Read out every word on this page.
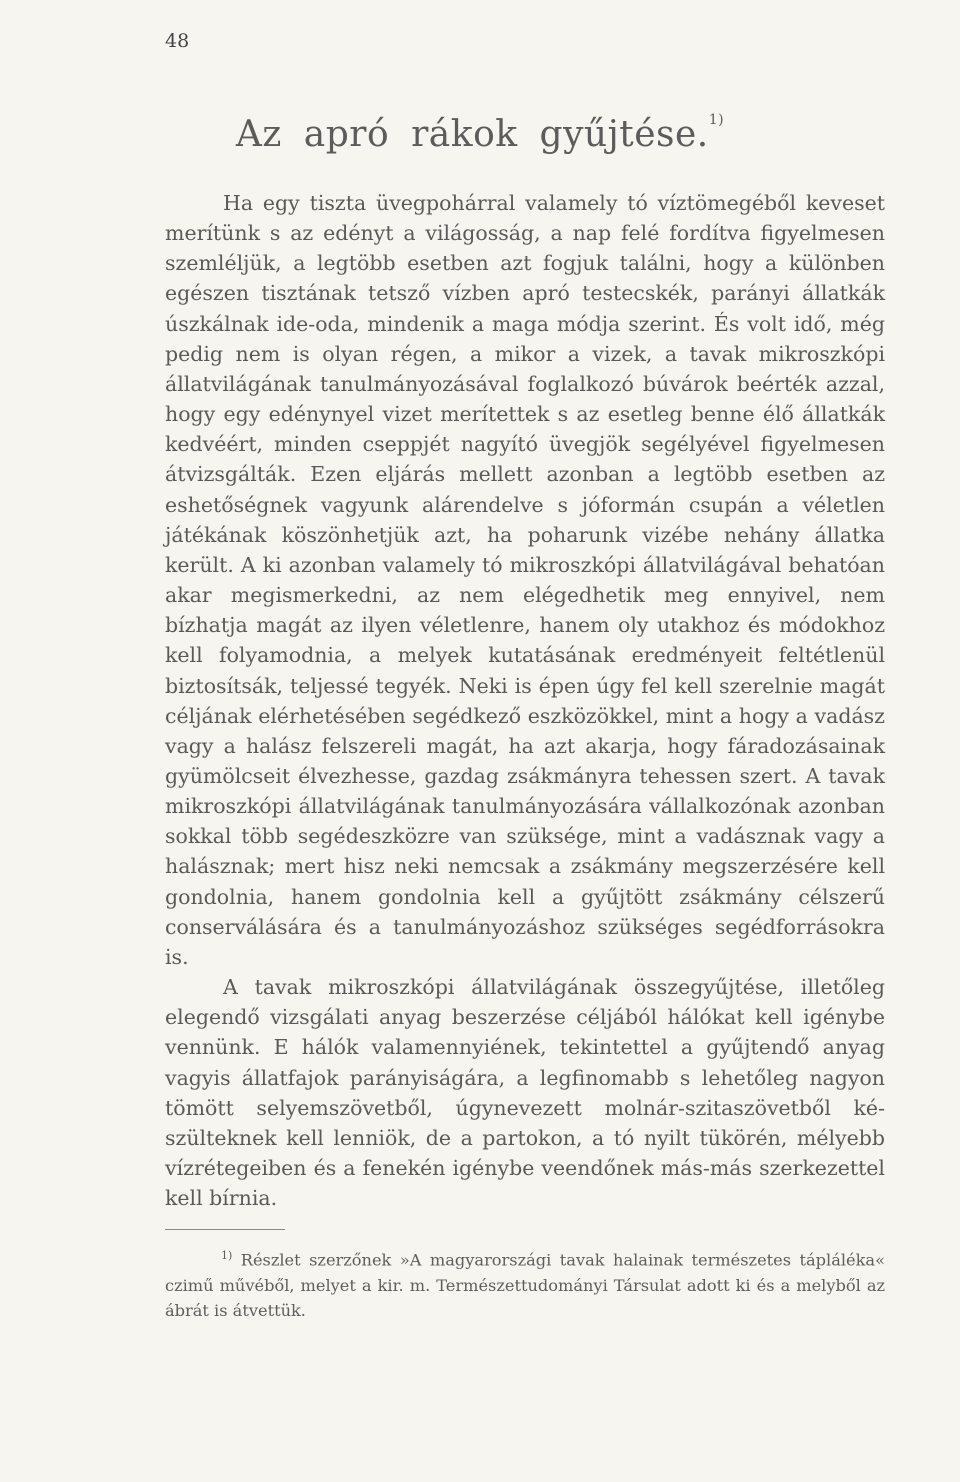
48
Az apró rákok gyűjtése.$^{1)}$

Ha egy tiszta üvegpohárral valamely tó víztömegéből keveset merítünk s az edényt a világosság, a nap felé fordítva figyelmesen szemléljük, a legtöbb esetben azt fogjuk találni, hogy a különben egészen tisztának tetsző vízben apró testecskék, parányi állatkák úszkálnak ide-oda, mindenik a maga módja szerint. És volt idő, még pedig nem is olyan régen, a mikor a vizek, a tavak mikroszkópi állatvilágának tanulmányozásával foglalkozó búvárok beérték azzal, hogy egy edénynyel vizet merítettek s az esetleg benne élő állatkák kedvéért, minden cseppjét nagyító üvegjök segélyével figyelmesen átvizsgálták. Ezen eljárás mellett azonban a legtöbb esetben az eshetőségnek vagyunk alárendelve s jóformán csupán a véletlen játékának köszönhetjük azt, ha poharunk vizébe nehány állatka került. A ki azonban valamely tó mikroszkópi állatvilágával behatóan akar megismerkedni, az nem elégedhetik meg ennyivel, nem bízhatja magát az ilyen véletlenre, hanem oly utakhoz és módokhoz kell folyamodnia, a melyek kutatásának eredményeit feltétlenül biztosítsák, teljessé tegyék. Neki is épen úgy fel kell szerelnie magát céljának elérhetésében segédkező eszközökkel, mint a hogy a vadász vagy a halász felszereli magát, ha azt akarja, hogy fáradozásainak gyümölcseit élvezhesse, gazdag zsákmányra tehessen szert. A tavak mikroszkópi állatvilágának tanulmányozására vállalkozónak azonban sokkal több segédeszközre van szüksége, mint a vadásznak vagy a halásznak; mert hisz neki nemcsak a zsákmány megszerzésére kell gondolnia, hanem gondolnia kell a gyűjtött zsákmány célszerű conserválására és a tanulmányozáshoz szükséges segédforrásokra is.

A tavak mikroszkópi állatvilágának összegyűjtése, illetőleg elegendő vizsgálati anyag beszerzése céljából hálókat kell igénybe vennünk. E hálók valamennyiének, tekintettel a gyűjtendő anyag vagyis állatfajok parányiságára, a legfinomabb s lehetőleg nagyon tömött selyemszövetből, úgynevezett molnár-szitaszövetből készülteknek kell lenniök, de a partokon, a tó nyilt tükörén, mélyebb vízrétegeiben és a fenekén igénybe veendőnek más-más szerkezettel kell bírnia.

$^{1)}$ Részlet szerzőnek »A magyarországi tavak halainak természetes tápláléka« czimű művéből, melyet a kir. m. Természettudományi Társulat adott ki és a melyből az ábrát is átvettük.
